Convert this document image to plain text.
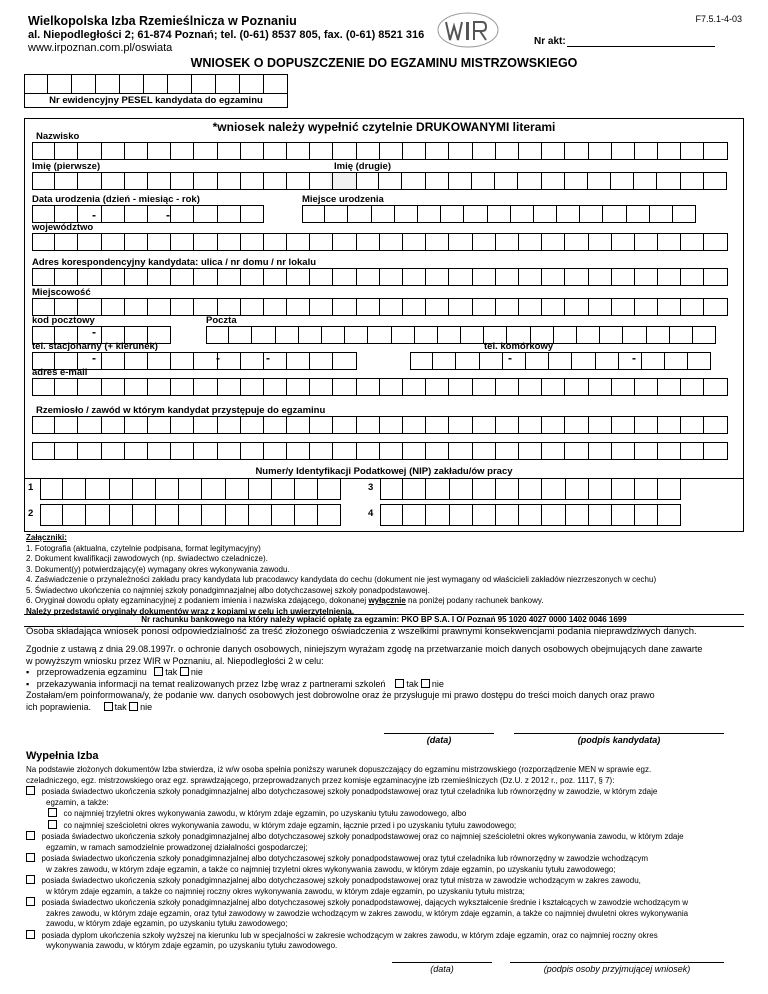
Wielkopolska Izba Rzemieślnicza w Poznaniu
al. Niepodległości 2; 61-874 Poznań; tel. (0-61) 8537 805, fax. (0-61) 8521 316
www.irpoznan.com.pl/oswiata
F7.5.1-4-03
Nr akt:
WNIOSEK O DOPUSZCZENIE DO EGZAMINU MISTRZOWSKIEGO
Nr ewidencyjny PESEL kandydata do egzaminu
*wniosek należy wypełnić czytelnie DRUKOWANYMI literami
Nazwisko
Imię (pierwsze)	Imię (drugie)
Data urodzenia (dzień - miesiąc - rok)	Miejsce urodzenia
-	-
województwo
Adres korespondencyjny kandydata: ulica / nr domu / nr lokalu
Miejscowość
kod pocztowy	Poczta
-
tel. stacjonarny (+ kierunek)	tel. komórkowy
-	-	-	-	-
adres e-mail
Rzemiosło / zawód w którym kandydat przystępuje do egzaminu
Numer/y Identyfikacji Podatkowej (NIP) zakładu/ów pracy
1	3
2	4
Załączniki:
1. Fotografia (aktualna, czytelnie podpisana, format legitymacyjny)
2. Dokument kwalifikacji zawodowych (np. świadectwo czeladnicze).
3. Dokument(y) potwierdzający(e) wymagany okres wykonywania zawodu.
4. Zaświadczenie o przynależności zakładu pracy kandydata lub pracodawcy kandydata do cechu (dokument nie jest wymagany od właścicieli zakładów niezrzeszonych w cechu)
5. Świadectwo ukończenia co najmniej szkoły ponadgimnazjalnej albo dotychczasowej szkoły ponadpodstawowej.
6. Oryginał dowodu opłaty egzaminacyjnej z podaniem imienia i nazwiska zdającego, dokonanej wyłącznie na poniżej podany rachunek bankowy.
Należy przedstawić oryginały dokumentów wraz z kopiami w celu ich uwierzytelnienia.
Nr rachunku bankowego na który należy wpłacić opłatę za egzamin: PKO BP S.A. I O/ Poznań 95 1020 4027 0000 1402 0046 1699
Osoba składająca wniosek ponosi odpowiedzialność za treść złożonego oświadczenia z wszelkimi prawnymi konsekwencjami podania nieprawdziwych danych.
Zgodnie z ustawą z dnia 29.08.1997r. o ochronie danych osobowych, niniejszym wyrażam zgodę na przetwarzanie moich danych osobowych obejmujących dane zawarte
w powyższym wniosku przez WIR w Poznaniu, al. Niepodległości 2 w celu:
▪   przeprowadzenia egzaminu tak nie
▪   przekazywania informacji na temat realizowanych przez Izbę wraz z partnerami szkoleń tak nie
Zostałam/em poinformowana/y, że podanie ww. danych osobowych jest dobrowolne oraz że przysługuje mi prawo dostępu do treści moich danych oraz prawo
ich poprawienia.	tak nie
(data)	(podpis kandydata)
Wypełnia Izba
Na podstawie złożonych dokumentów Izba stwierdza, iż w/w osoba spełnia poniższy warunek dopuszczający do egzaminu mistrzowskiego (rozporządzenie MEN w sprawie egz.
czeladniczego, egz. mistrzowskiego oraz egz. sprawdzającego, przeprowadzanych przez komisje egzaminacyjne izb rzemieślniczych (Dz.U. z 2012 r., poz. 1117, § 7):
posiada świadectwo ukończenia szkoły ponadgimnazjalnej albo dotychczasowej szkoły ponadpodstawowej oraz tytuł czeladnika lub równorzędny w zawodzie, w którym zdaje
egzamin, a także:
co najmniej trzyletni okres wykonywania zawodu, w którym zdaje egzamin, po uzyskaniu tytułu zawodowego, albo
co najmniej sześcioletni okres wykonywania zawodu, w którym zdaje egzamin, łącznie przed i po uzyskaniu tytułu zawodowego;
posiada świadectwo ukończenia szkoły ponadgimnazjalnej albo dotychczasowej szkoły ponadpodstawowej oraz co najmniej sześcioletni okres wykonywania zawodu, w którym zdaje
egzamin, w ramach samodzielnie prowadzonej działalności gospodarczej;
posiada świadectwo ukończenia szkoły ponadgimnazjalnej albo dotychczasowej szkoły ponadpodstawowej oraz tytuł czeladnika lub równorzędny w zawodzie wchodzącym
w zakres zawodu, w którym zdaje egzamin, a także co najmniej trzyletni okres wykonywania zawodu, w którym zdaje egzamin, po uzyskaniu tytułu zawodowego;
posiada świadectwo ukończenia szkoły ponadgimnazjalnej albo dotychczasowej szkoły ponadpodstawowej oraz tytuł mistrza w zawodzie wchodzącym w zakres zawodu,
w którym zdaje egzamin, a także co najmniej roczny okres wykonywania zawodu, w którym zdaje egzamin, po uzyskaniu tytułu mistrza;
posiada świadectwo ukończenia szkoły ponadgimnazjalnej albo dotychczasowej szkoły ponadpodstawowej, dających wykształcenie średnie i kształcących w zawodzie wchodzącym w
zakres zawodu, w którym zdaje egzamin, oraz tytuł zawodowy w zawodzie wchodzącym w zakres zawodu, w którym zdaje egzamin, a także co najmniej dwuletni okres wykonywania
zawodu, w którym zdaje egzamin, po uzyskaniu tytułu zawodowego;
posiada dyplom ukończenia szkoły wyższej na kierunku lub w specjalności w zakresie wchodzącym w zakres zawodu, w którym zdaje egzamin, oraz co najmniej roczny okres
wykonywania zawodu, w którym zdaje egzamin, po uzyskaniu tytułu zawodowego.
(data)	(podpis osoby przyjmującej wniosek)
